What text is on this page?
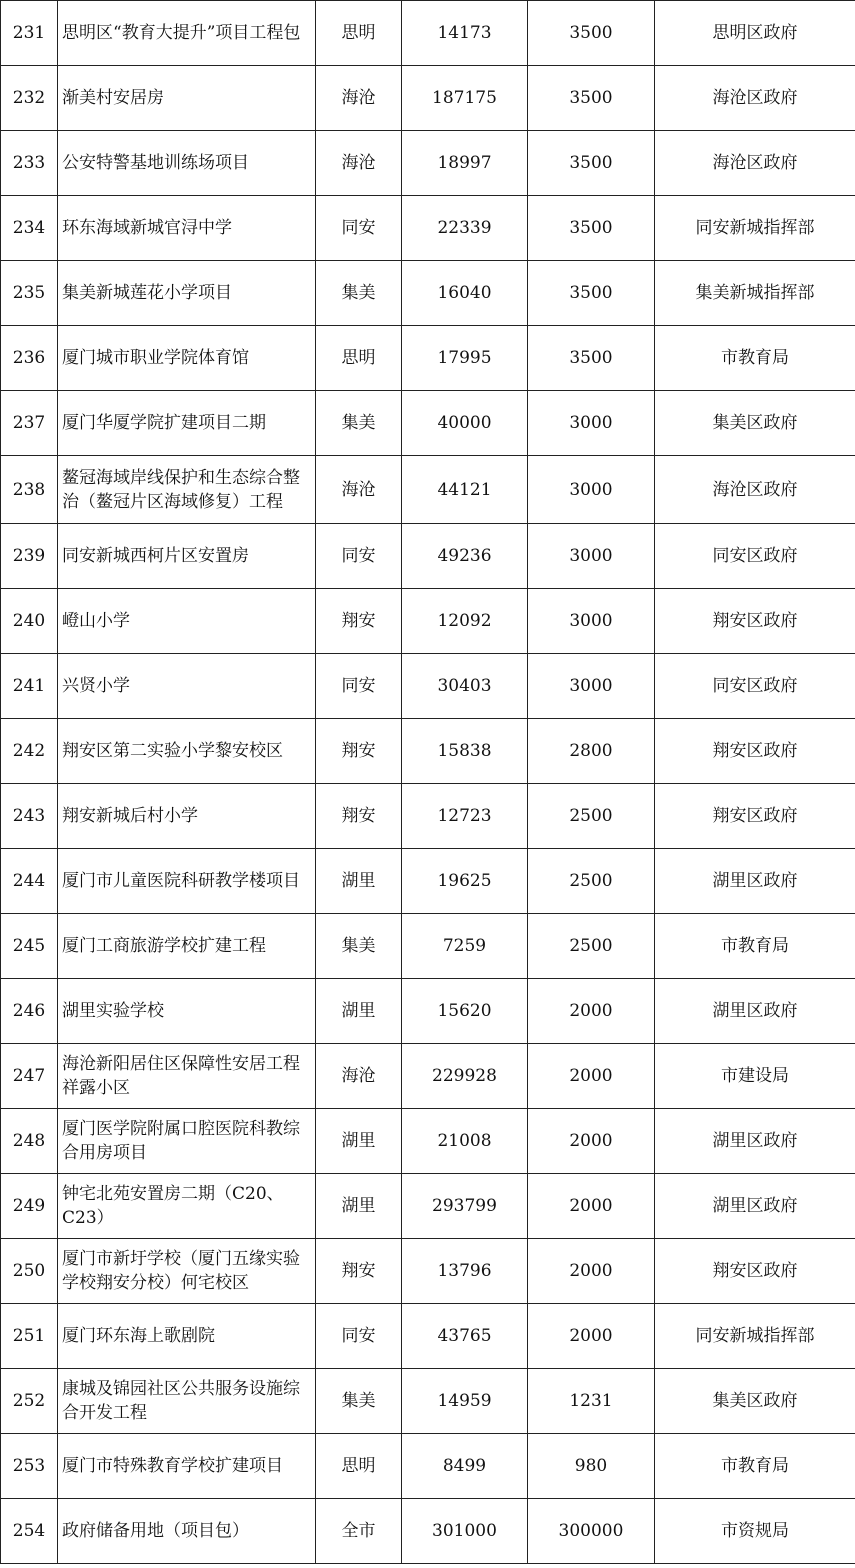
231	思明区“教育大提升”项目工程包	思明	14173	3500	思明区政府
232	渐美村安居房	海沧	187175	3500	海沧区政府
233	公安特警基地训练场项目	海沧	18997	3500	海沧区政府
234	环东海域新城官浔中学	同安	22339	3500	同安新城指挥部
235	集美新城莲花小学项目	集美	16040	3500	集美新城指挥部
236	厦门城市职业学院体育馆	思明	17995	3500	市教育局
237	厦门华厦学院扩建项目二期	集美	40000	3000	集美区政府
238	鳌冠海域岸线保护和生态综合整治（鳌冠片区海域修复）工程	海沧	44121	3000	海沧区政府
239	同安新城西柯片区安置房	同安	49236	3000	同安区政府
240	嶝山小学	翔安	12092	3000	翔安区政府
241	兴贤小学	同安	30403	3000	同安区政府
242	翔安区第二实验小学黎安校区	翔安	15838	2800	翔安区政府
243	翔安新城后村小学	翔安	12723	2500	翔安区政府
244	厦门市儿童医院科研教学楼项目	湖里	19625	2500	湖里区政府
245	厦门工商旅游学校扩建工程	集美	7259	2500	市教育局
246	湖里实验学校	湖里	15620	2000	湖里区政府
247	海沧新阳居住区保障性安居工程祥露小区	海沧	229928	2000	市建设局
248	厦门医学院附属口腔医院科教综合用房项目	湖里	21008	2000	湖里区政府
249	钟宅北苑安置房二期（C20、C23）	湖里	293799	2000	湖里区政府
250	厦门市新圩学校（厦门五缘实验学校翔安分校）何宅校区	翔安	13796	2000	翔安区政府
251	厦门环东海上歌剧院	同安	43765	2000	同安新城指挥部
252	康城及锦园社区公共服务设施综合开发工程	集美	14959	1231	集美区政府
253	厦门市特殊教育学校扩建项目	思明	8499	980	市教育局
254	政府储备用地（项目包）	全市	301000	300000	市资规局
